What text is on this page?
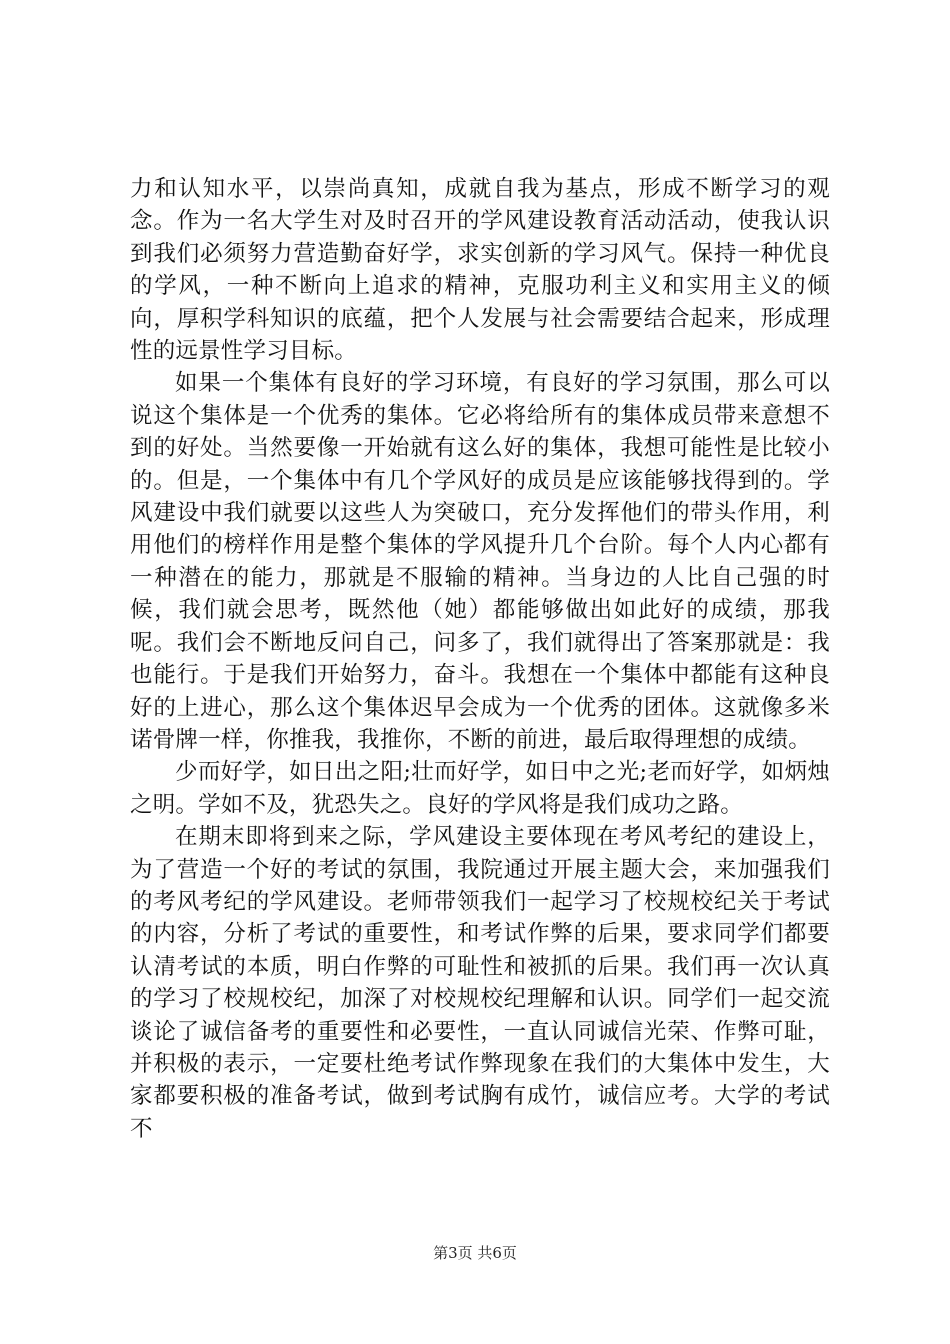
力和认知水平，以崇尚真知，成就自我为基点，形成不断学习的观念。作为一名大学生对及时召开的学风建设教育活动活动，使我认识到我们必须努力营造勤奋好学，求实创新的学习风气。保持一种优良的学风，一种不断向上追求的精神，克服功利主义和实用主义的倾向，厚积学科知识的底蕴，把个人发展与社会需要结合起来，形成理性的远景性学习目标。

如果一个集体有良好的学习环境，有良好的学习氛围，那么可以说这个集体是一个优秀的集体。它必将给所有的集体成员带来意想不到的好处。当然要像一开始就有这么好的集体，我想可能性是比较小的。但是，一个集体中有几个学风好的成员是应该能够找得到的。学风建设中我们就要以这些人为突破口，充分发挥他们的带头作用，利用他们的榜样作用是整个集体的学风提升几个台阶。每个人内心都有一种潜在的能力，那就是不服输的精神。当身边的人比自己强的时候，我们就会思考，既然他（她）都能够做出如此好的成绩，那我呢。我们会不断地反问自己，问多了，我们就得出了答案那就是：我也能行。于是我们开始努力，奋斗。我想在一个集体中都能有这种良好的上进心，那么这个集体迟早会成为一个优秀的团体。这就像多米诺骨牌一样，你推我，我推你，不断的前进，最后取得理想的成绩。

少而好学，如日出之阳;壮而好学，如日中之光;老而好学，如炳烛之明。学如不及，犹恐失之。良好的学风将是我们成功之路。

在期末即将到来之际，学风建设主要体现在考风考纪的建设上，为了营造一个好的考试的氛围，我院通过开展主题大会，来加强我们的考风考纪的学风建设。老师带领我们一起学习了校规校纪关于考试的内容，分析了考试的重要性，和考试作弊的后果，要求同学们都要认清考试的本质，明白作弊的可耻性和被抓的后果。我们再一次认真的学习了校规校纪，加深了对校规校纪理解和认识。同学们一起交流谈论了诚信备考的重要性和必要性，一直认同诚信光荣、作弊可耻，并积极的表示，一定要杜绝考试作弊现象在我们的大集体中发生，大家都要积极的准备考试，做到考试胸有成竹，诚信应考。大学的考试不

第3页 共6页
